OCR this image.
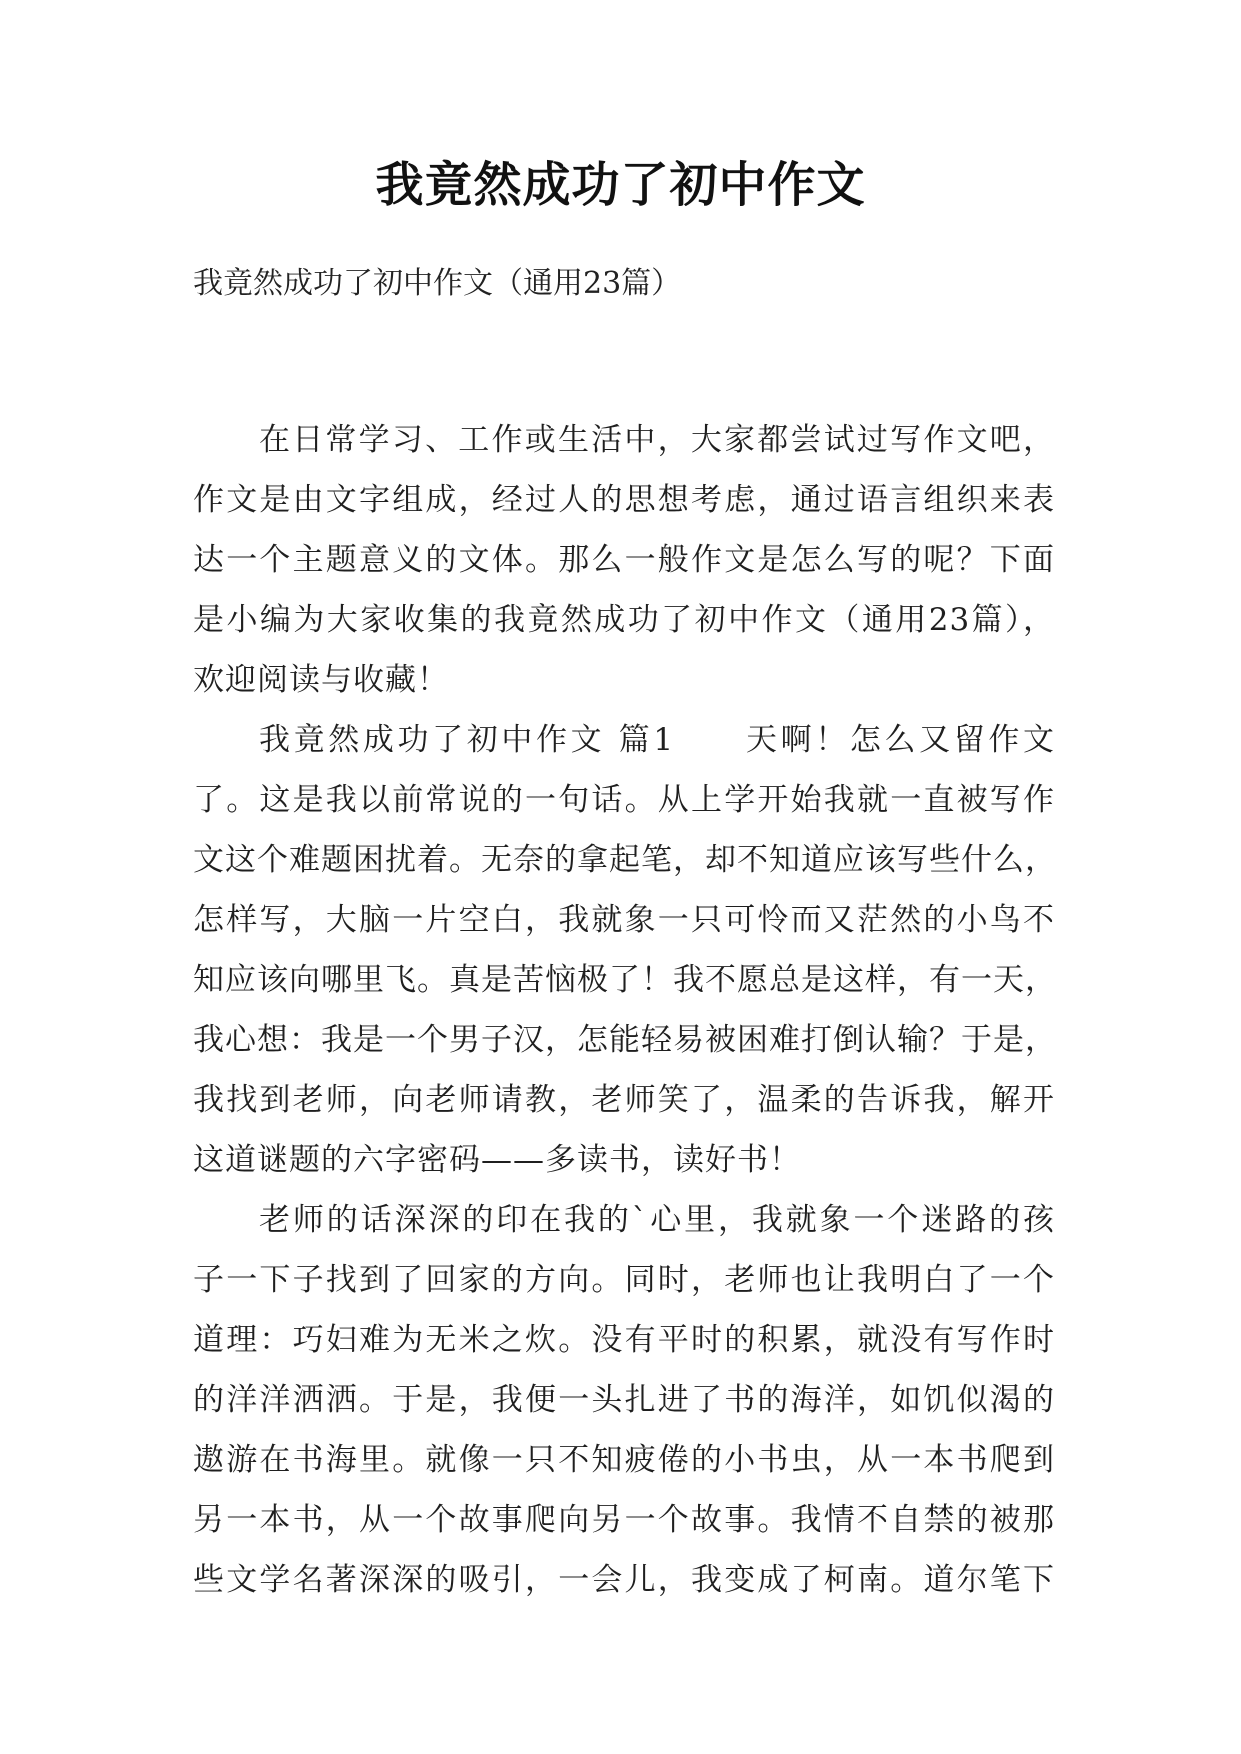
我竟然成功了初中作文

我竟然成功了初中作文（通用23篇）

在日常学习、工作或生活中，大家都尝试过写作文吧，
作文是由文字组成，经过人的思想考虑，通过语言组织来表
达一个主题意义的文体。那么一般作文是怎么写的呢？下面
是小编为大家收集的我竟然成功了初中作文（通用23篇），
欢迎阅读与收藏！

我竟然成功了初中作文 篇1　　天啊！怎么又留作文
了。这是我以前常说的一句话。从上学开始我就一直被写作
文这个难题困扰着。无奈的拿起笔，却不知道应该写些什么，
怎样写，大脑一片空白，我就象一只可怜而又茫然的小鸟不
知应该向哪里飞。真是苦恼极了！我不愿总是这样，有一天，
我心想：我是一个男子汉，怎能轻易被困难打倒认输？于是，
我找到老师，向老师请教，老师笑了，温柔的告诉我，解开
这道谜题的六字密码——多读书，读好书！

老师的话深深的印在我的`心里，我就象一个迷路的孩
子一下子找到了回家的方向。同时，老师也让我明白了一个
道理：巧妇难为无米之炊。没有平时的积累，就没有写作时
的洋洋洒洒。于是，我便一头扎进了书的海洋，如饥似渴的
遨游在书海里。就像一只不知疲倦的小书虫，从一本书爬到
另一本书，从一个故事爬向另一个故事。我情不自禁的被那
些文学名著深深的吸引，一会儿，我变成了柯南。道尔笔下
